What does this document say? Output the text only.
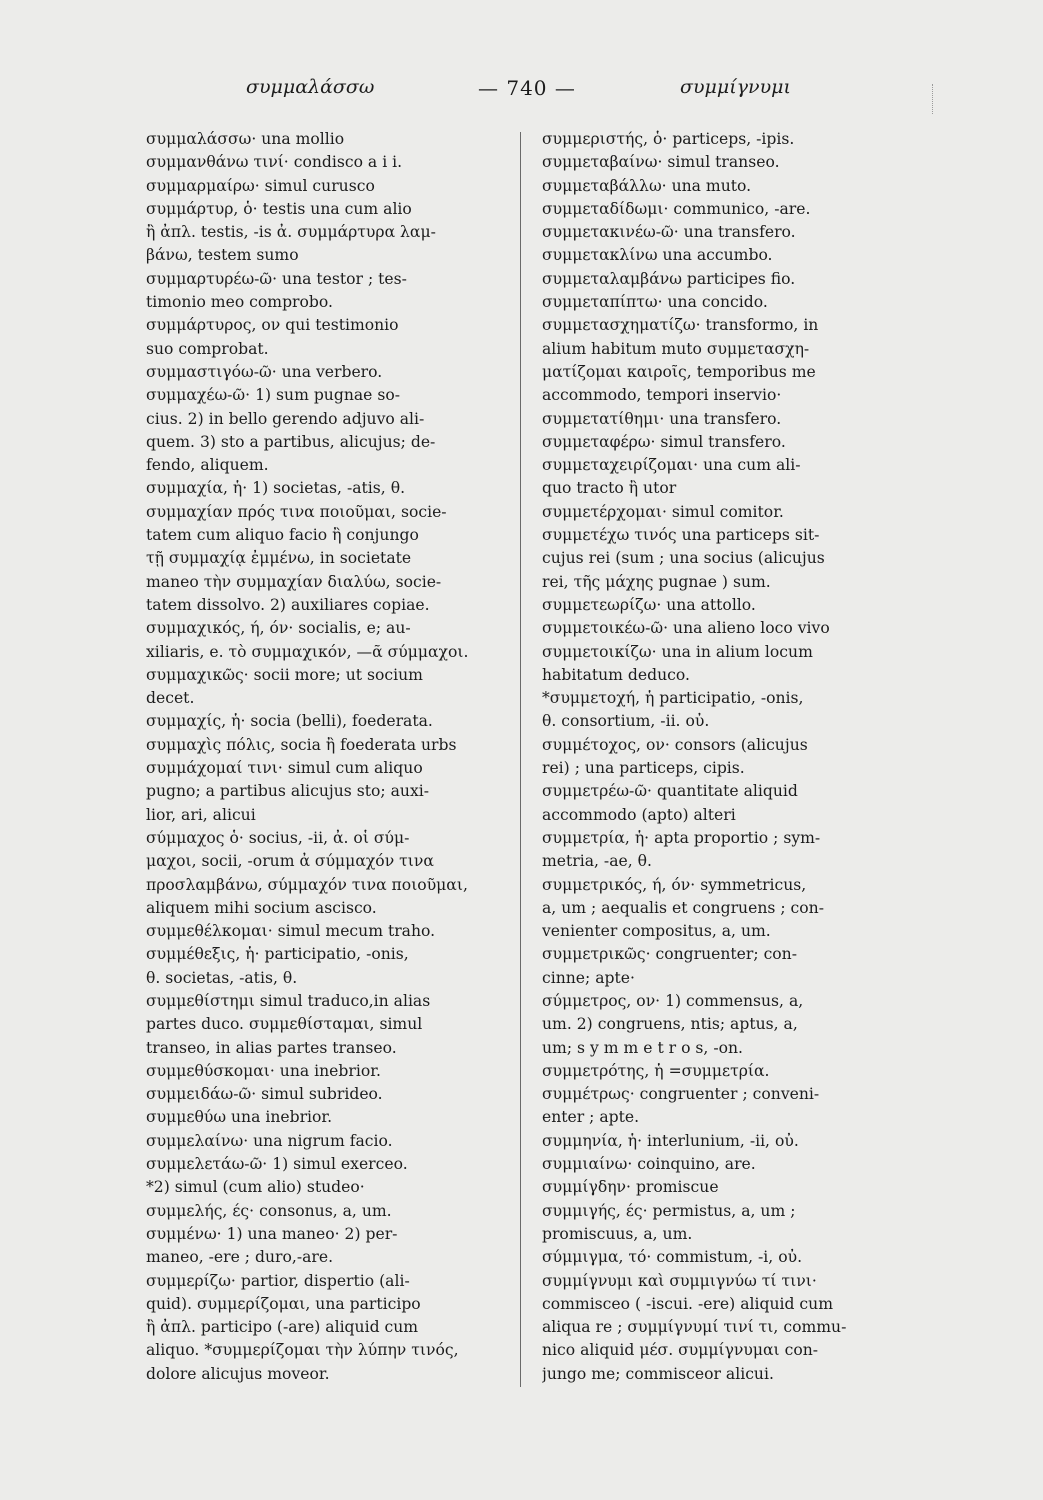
συμμαλάσσω	— 740 —	συμμίγνυμι
συμμαλάσσω· una mollio
συμμανθάνω τινί· condisco a i i.
συμμαρμαίρω· simul curusco
συμμάρτυρ, ὁ· testis una cum alio
ἢ ἀπλ. testis, -is ἀ. συμμάρτυρα λαμ-
βάνω, testem sumo
συμμαρτυρέω-ῶ· una testor ; tes-
timonio meo comprobo.
συμμάρτυρος, ον qui testimonio
suo comprobat.
συμμαστιγόω-ῶ· una verbero.
συμμαχέω-ῶ· 1) sum pugnae so-
cius. 2) in bello gerendo adjuvo ali-
quem. 3) sto a partibus, alicujus; de-
fendo, aliquem.
συμμαχία, ἡ· 1) societas, -atis, θ.
συμμαχίαν πρός τινα ποιοῦμαι, socie-
tatem cum aliquo facio ἢ conjungo
τῇ συμμαχίᾳ ἐμμένω, in societate
maneo τὴν συμμαχίαν διαλύω, socie-
tatem dissolvo. 2) auxiliares copiae.
συμμαχικός, ή, όν· socialis, e; au-
xiliaris, e. τὸ συμμαχικόν, —ᾶ σύμμαχοι.
συμμαχικῶς· socii more; ut socium
decet.
συμμαχίς, ἡ· socia (belli), foederata.
συμμαχὶς πόλις, socia ἢ foederata urbs
συμμάχομαί τινι· simul cum aliquo
pugno; a partibus alicujus sto; auxi-
lior, ari, alicui
σύμμαχος ὁ· socius, -ii, ἀ. οἱ σύμ-
μαχοι, socii, -orum ἀ σύμμαχόν τινα
προσλαμβάνω, σύμμαχόν τινα ποιοῦμαι,
aliquem mihi socium ascisco.
συμμεθέλκομαι· simul mecum traho.
συμμέθεξις, ἡ· participatio, -onis,
θ. societas, -atis, θ.
συμμεθίστημι simul traduco,in alias
partes duco. συμμεθίσταμαι, simul
transeo, in alias partes transeo.
συμμεθύσκομαι· una inebrior.
συμμειδάω-ῶ· simul subrideo.
συμμεθύω una inebrior.
συμμελαίνω· una nigrum facio.
συμμελετάω-ῶ· 1) simul exerceo.
*2) simul (cum alio) studeo·
συμμελής, ές· consonus, a, um.
συμμένω· 1) una maneo· 2) per-
maneo, -ere ; duro,-are.
συμμερίζω· partior, dispertio (ali-
quid). συμμερίζομαι, una participo
ἢ ἀπλ. participo (-are) aliquid cum
aliquo. *συμμερίζομαι τὴν λύπην τινός,
dolore alicujus moveor.
συμμεριστής, ὁ· particeps, -ipis.
συμμεταβαίνω· simul transeo.
συμμεταβάλλω· una muto.
συμμεταδίδωμι· communico, -are.
συμμετακινέω-ῶ· una transfero.
συμμετακλίνω una accumbo.
συμμεταλαμβάνω participes fio.
συμμεταπίπτω· una concido.
συμμετασχηματίζω· transformo, in
alium habitum muto συμμετασχη-
ματίζομαι καιροῖς, temporibus me
accommodo, tempori inservio·
συμμετατίθημι· una transfero.
συμμεταφέρω· simul transfero.
συμμεταχειρίζομαι· una cum ali-
quo tracto ἢ utor
συμμετέρχομαι· simul comitor.
συμμετέχω τινός una particeps sit-
cujus rei (sum ; una socius (alicujus
rei, τῆς μάχης pugnae ) sum.
συμμετεωρίζω· una attollo.
συμμετοικέω-ῶ· una alieno loco vivo
συμμετοικίζω· una in alium locum
habitatum deduco.
*συμμετοχή, ἡ participatio, -onis,
θ. consortium, -ii. οὐ.
συμμέτοχος, ον· consors (alicujus
rei) ; una particeps, cipis.
συμμετρέω-ῶ· quantitate aliquid
accommodo (apto) alteri
συμμετρία, ἡ· apta proportio ; sym-
metria, -ae, θ.
συμμετρικός, ή, όν· symmetricus,
a, um ; aequalis et congruens ; con-
venienter compositus, a, um.
συμμετρικῶς· congruenter; con-
cinne; apte·
σύμμετρος, ον· 1) commensus, a,
um. 2) congruens, ntis; aptus, a,
um; s y m m e t r o s, -on.
συμμετρότης, ἡ =συμμετρία.
συμμέτρως· congruenter ; conveni-
enter ; apte.
συμμηνία, ἡ· interlunium, -ii, οὐ.
συμμιαίνω· coinquino, are.
συμμίγδην· promiscue
συμμιγής, ές· permistus, a, um ;
promiscuus, a, um.
σύμμιγμα, τό· commistum, -i, οὐ.
συμμίγνυμι καὶ συμμιγνύω τί τινι·
commisceo ( -iscui. -ere) aliquid cum
aliqua re ; συμμίγνυμί τινί τι, commu-
nico aliquid μέσ. συμμίγνυμαι con-
jungo me; commisceor alicui.
